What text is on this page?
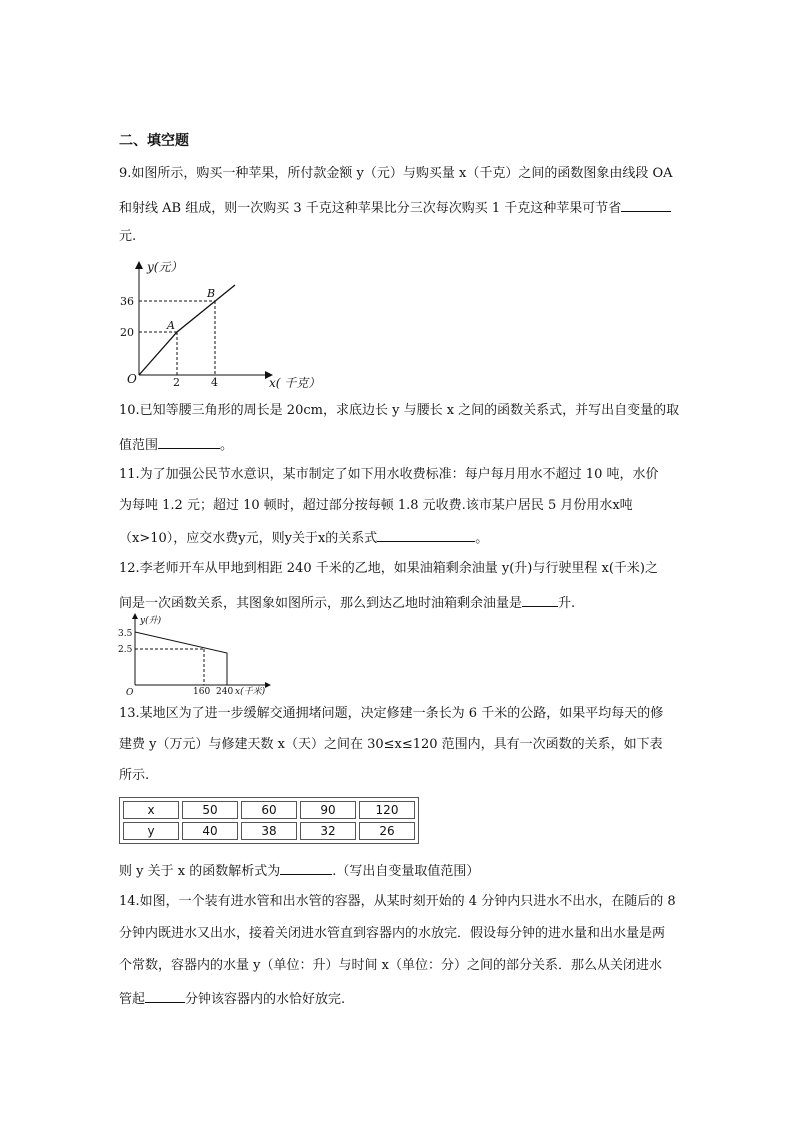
二、填空题
9.如图所示，购买一种苹果，所付款金额 y（元）与购买量 x（千克）之间的函数图象由线段 OA
和射线 AB 组成，则一次购买 3 千克这种苹果比分三次每次购买 1 千克这种苹果可节省
元.
y(元）
x( 千克）
O
A
B
36
20
2	4
10.已知等腰三角形的周长是 20cm，求底边长 y 与腰长 x 之间的函数关系式，并写出自变量的取
值范围	。
11.为了加强公民节水意识，某市制定了如下用水收费标准：每户每月用水不超过 10 吨，水价
为每吨 1.2 元；超过 10 顿时，超过部分按每顿 1.8 元收费.该市某户居民 5 月份用水x吨
（x>10），应交水费y元，则y关于x的关系式	。
12.李老师开车从甲地到相距 240 千米的乙地，如果油箱剩余油量 y(升)与行驶里程 x(千米)之
间是一次函数关系，其图象如图所示，那么到达乙地时油箱剩余油量是	升.
y(升)
x(千米)
O
3.5
2.5
160 240
13.某地区为了进一步缓解交通拥堵问题，决定修建一条长为 6 千米的公路，如果平均每天的修
建费 y（万元）与修建天数 x（天）之间在 30≤x≤120 范围内，具有一次函数的关系，如下表
所示.
x	50	60	90	120
y	40	38	32	26
则 y 关于 x 的函数解析式为	.（写出自变量取值范围）
14.如图，一个装有进水管和出水管的容器，从某时刻开始的 4 分钟内只进水不出水，在随后的 8
分钟内既进水又出水，接着关闭进水管直到容器内的水放完．假设每分钟的进水量和出水量是两
个常数，容器内的水量 y（单位：升）与时间 x（单位：分）之间的部分关系．那么从关闭进水
管起	分钟该容器内的水恰好放完.
